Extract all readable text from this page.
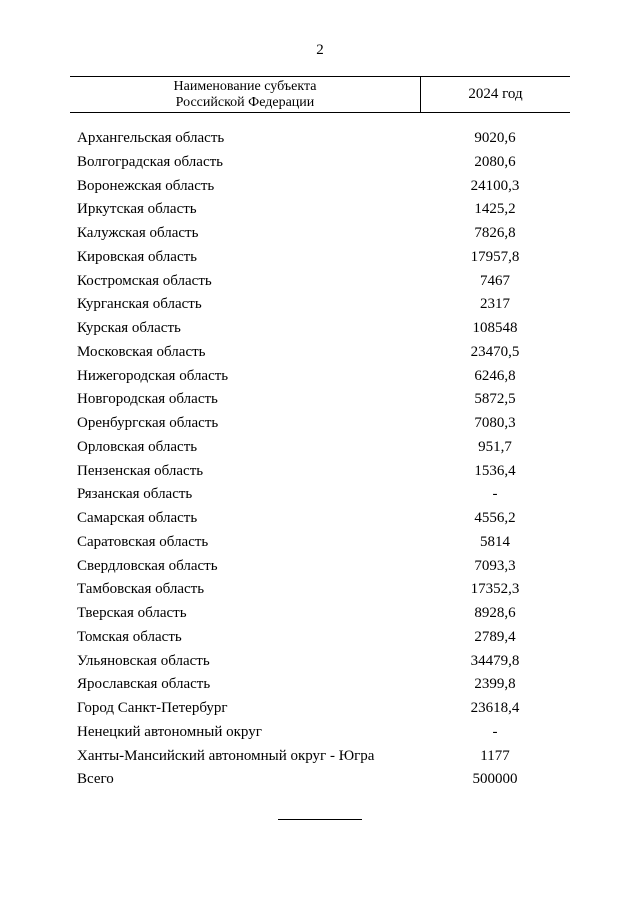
2
Наименование субъекта
Российской Федерации	2024 год
Архангельская область	9020,6
Волгоградская область	2080,6
Воронежская область	24100,3
Иркутская область	1425,2
Калужская область	7826,8
Кировская область	17957,8
Костромская область	7467
Курганская область	2317
Курская область	108548
Московская область	23470,5
Нижегородская область	6246,8
Новгородская область	5872,5
Оренбургская область	7080,3
Орловская область	951,7
Пензенская область	1536,4
Рязанская область	-
Самарская область	4556,2
Саратовская область	5814
Свердловская область	7093,3
Тамбовская область	17352,3
Тверская область	8928,6
Томская область	2789,4
Ульяновская область	34479,8
Ярославская область	2399,8
Город Санкт-Петербург	23618,4
Ненецкий автономный округ	-
Ханты-Мансийский автономный округ - Югра	1177
Всего	500000
